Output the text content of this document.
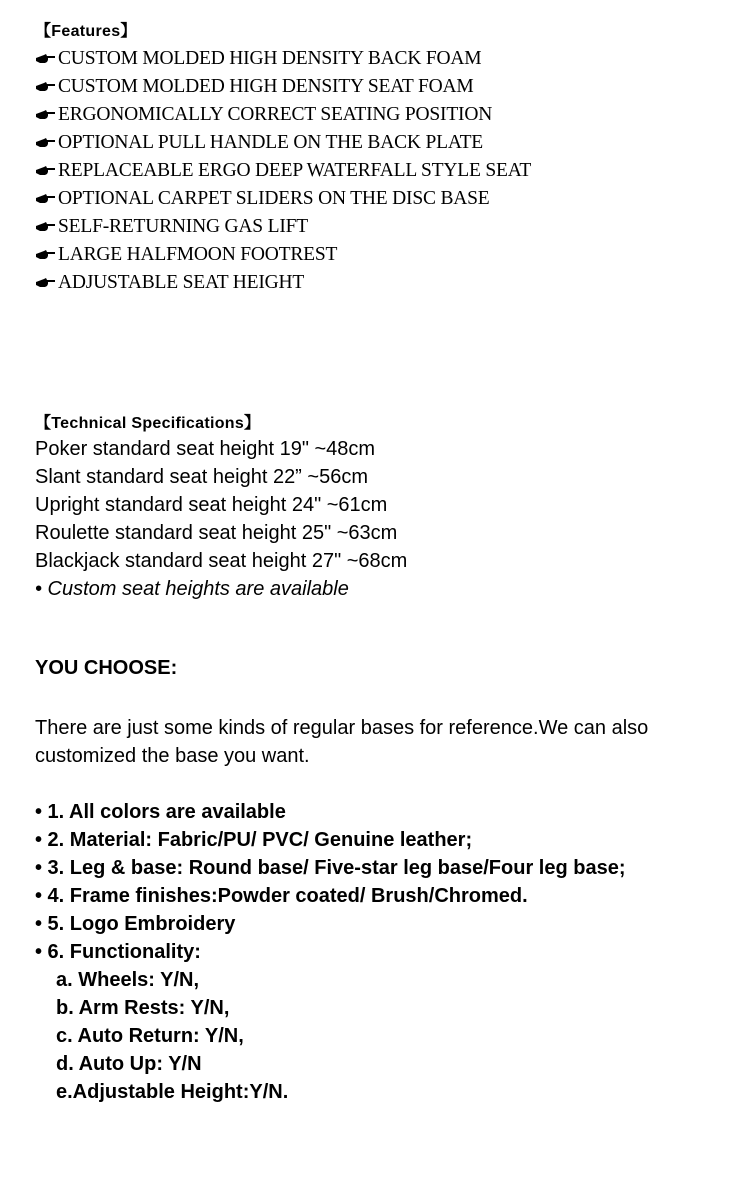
【Features】
CUSTOM MOLDED HIGH DENSITY BACK FOAM
CUSTOM MOLDED HIGH DENSITY SEAT FOAM
ERGONOMICALLY CORRECT SEATING POSITION
OPTIONAL PULL HANDLE ON THE BACK PLATE
REPLACEABLE ERGO DEEP WATERFALL STYLE SEAT
OPTIONAL CARPET SLIDERS ON THE DISC BASE
SELF-RETURNING GAS LIFT
LARGE HALFMOON FOOTREST
ADJUSTABLE SEAT HEIGHT
【Technical Specifications】
Poker standard seat height 19" ~48cm
Slant standard seat height 22” ~56cm
Upright standard seat height 24" ~61cm
Roulette standard seat height 25" ~63cm
Blackjack standard seat height 27" ~68cm
• Custom seat heights are available
YOU CHOOSE:
There are just some kinds of regular bases for reference.We can also customized the base you want.
• 1. All colors are available
• 2. Material: Fabric/PU/ PVC/ Genuine leather;
• 3. Leg & base: Round base/ Five-star leg base/Four leg base;
• 4. Frame finishes:Powder coated/ Brush/Chromed.
• 5. Logo Embroidery
• 6. Functionality:
a. Wheels: Y/N,
b. Arm Rests: Y/N,
c. Auto Return: Y/N,
d. Auto Up: Y/N
e.Adjustable Height:Y/N.
